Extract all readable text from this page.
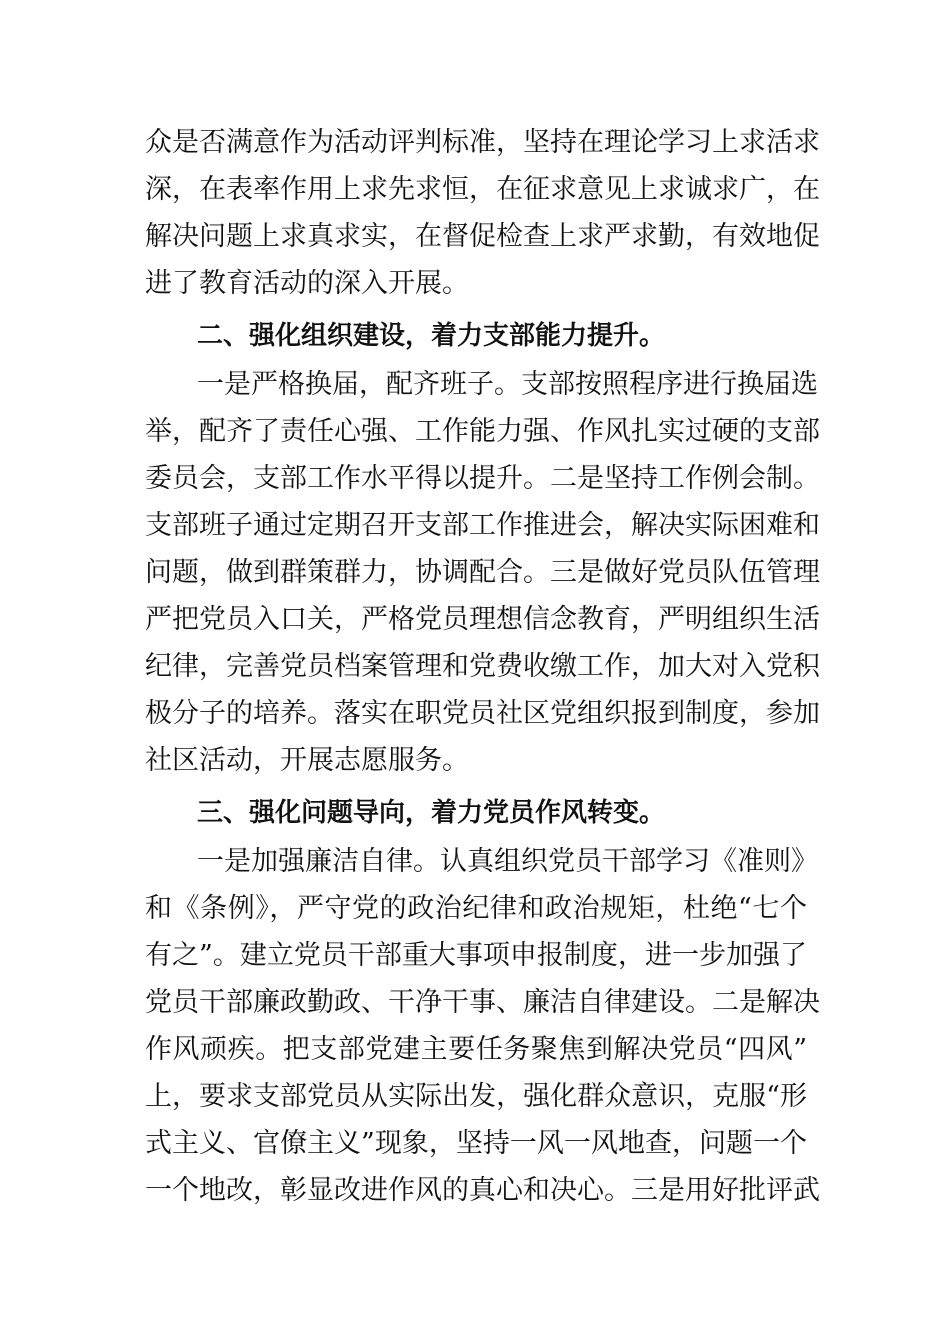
众是否满意作为活动评判标准，坚持在理论学习上求活求
深，在表率作用上求先求恒，在征求意见上求诚求广，在
解决问题上求真求实，在督促检查上求严求勤，有效地促
进了教育活动的深入开展。
二、强化组织建设，着力支部能力提升。
一是严格换届，配齐班子。支部按照程序进行换届选
举，配齐了责任心强、工作能力强、作风扎实过硬的支部
委员会，支部工作水平得以提升。二是坚持工作例会制。
支部班子通过定期召开支部工作推进会，解决实际困难和
问题，做到群策群力，协调配合。三是做好党员队伍管理
严把党员入口关，严格党员理想信念教育，严明组织生活
纪律，完善党员档案管理和党费收缴工作，加大对入党积
极分子的培养。落实在职党员社区党组织报到制度，参加
社区活动，开展志愿服务。
三、强化问题导向，着力党员作风转变。
一是加强廉洁自律。认真组织党员干部学习《准则》
和《条例》，严守党的政治纪律和政治规矩，杜绝“七个
有之”。建立党员干部重大事项申报制度，进一步加强了
党员干部廉政勤政、干净干事、廉洁自律建设。二是解决
作风顽疾。把支部党建主要任务聚焦到解决党员“四风”
上，要求支部党员从实际出发，强化群众意识，克服“形
式主义、官僚主义”现象，坚持一风一风地查，问题一个
一个地改，彰显改进作风的真心和决心。三是用好批评武
